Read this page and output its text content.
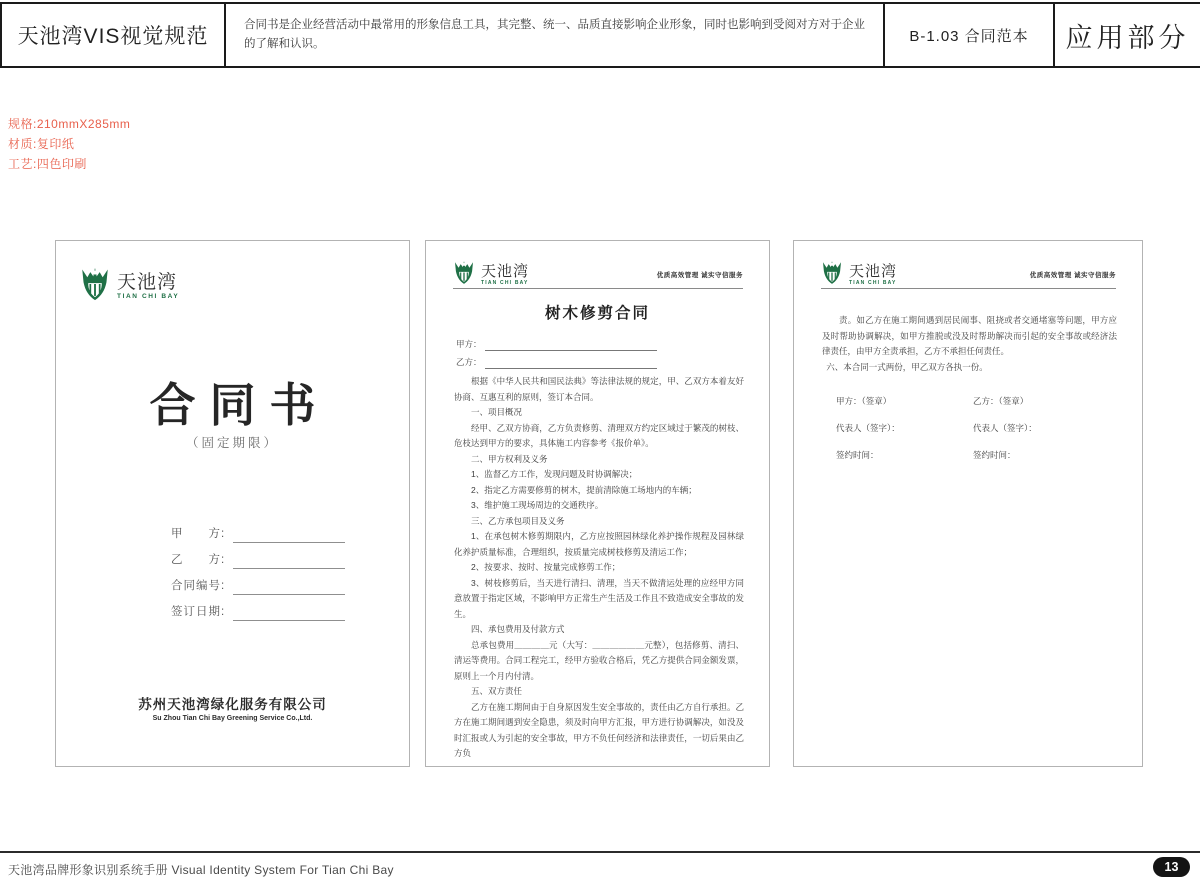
天池湾VIS视觉规范	合同书是企业经营活动中最常用的形象信息工具，其完整、统一、品质直接影响企业形象，同时也影响到受阅对方对于企业的了解和认识。	B-1.03 合同范本	应用部分
规格:210mmX285mm
材质:复印纸
工艺:四色印刷
天池湾
TIAN CHI BAY
合同书
（固定期限）
甲　　方:
乙　　方:
合同编号:
签订日期:
苏州天池湾绿化服务有限公司
Su Zhou Tian Chi Bay Greening Service Co.,Ltd.
天池湾
TIAN CHI BAY
优质高效管理 诚实守信服务
树木修剪合同
甲方：
乙方：

根据《中华人民共和国民法典》等法律法规的规定，甲、乙双方本着友好协商、互惠互利的原则，签订本合同。

一、项目概况

经甲、乙双方协商，乙方负责修剪、清理双方约定区域过于繁茂的树枝、危枝达到甲方的要求，具体施工内容参考《报价单》。

二、甲方权利及义务

1、监督乙方工作，发现问题及时协调解决；

2、指定乙方需要修剪的树木，提前清除施工场地内的车辆；

3、维护施工现场周边的交通秩序。

三、乙方承包项目及义务

1、在承包树木修剪期限内，乙方应按照园林绿化养护操作规程及园林绿化养护质量标准，合理组织，按质量完成树枝修剪及清运工作；

2、按要求、按时、按量完成修剪工作；

3、树枝修剪后，当天进行清扫、清理，当天不做清运处理的应经甲方同意放置于指定区域，不影响甲方正常生产生活及工作且不致造成安全事故的发生。

四、承包费用及付款方式

总承包费用＿＿＿＿元（大写：＿＿＿＿＿＿元整），包括修剪、清扫、清运等费用。合同工程完工，经甲方验收合格后，凭乙方提供合同金额发票，原则上一个月内付清。

五、双方责任

乙方在施工期间由于自身原因发生安全事故的，责任由乙方自行承担。乙方在施工期间遇到安全隐患，须及时向甲方汇报，甲方进行协调解决，如没及时汇报或人为引起的安全事故，甲方不负任何经济和法律责任，一切后果由乙方负

天池湾
TIAN CHI BAY
优质高效管理 诚实守信服务

责。如乙方在施工期间遇到居民闹事、阻挠或者交通堵塞等问题，甲方应及时帮助协调解决，如甲方推脱或没及时帮助解决而引起的安全事故或经济法律责任，由甲方全责承担，乙方不承担任何责任。

六、本合同一式两份，甲乙双方各执一份。

甲方：（签章）	乙方：（签章）
代表人（签字）：	代表人（签字）：
签约时间：	签约时间：
天池湾品牌形象识别系统手册 Visual Identity System For Tian Chi Bay	13
